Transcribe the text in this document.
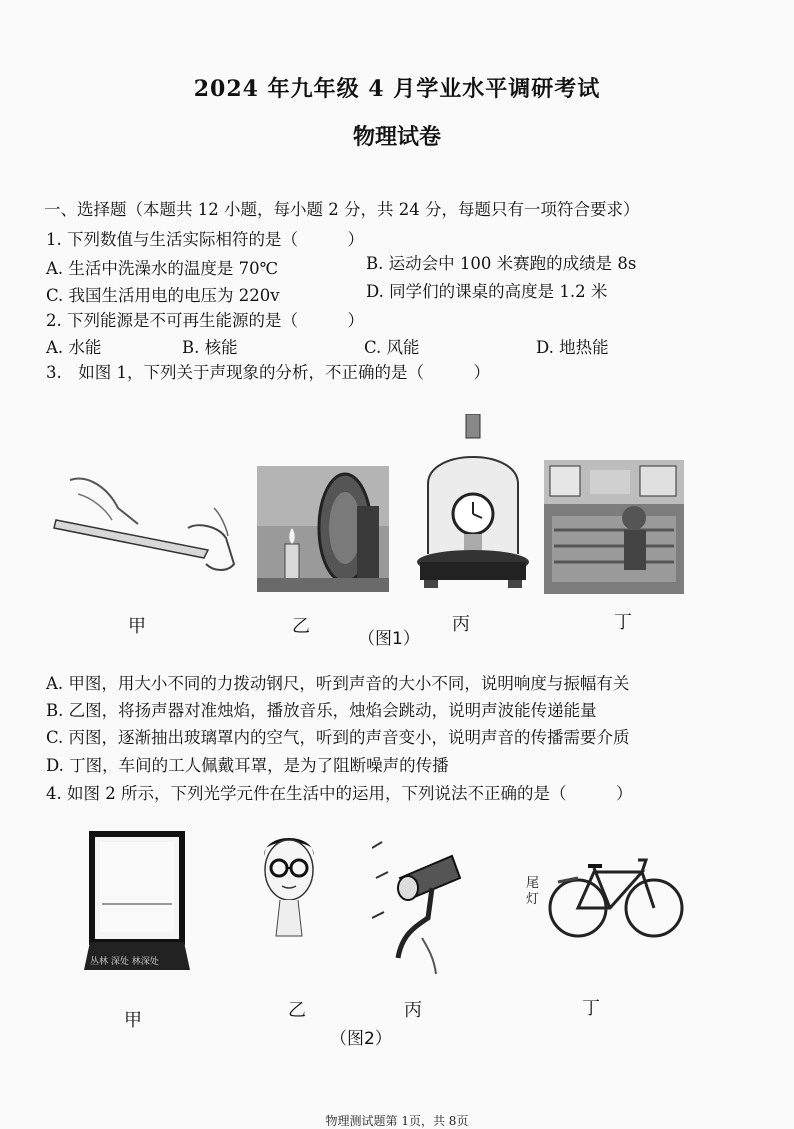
2024 年九年级 4 月学业水平调研考试
物理试卷
一、选择题（本题共 12 小题，每小题 2 分，共 24 分，每题只有一项符合要求）
1. 下列数值与生活实际相符的是（　　　）
A. 生活中洗澡水的温度是 70℃	B. 运动会中 100 米赛跑的成绩是 8s
C. 我国生活用电的电压为 220v	D. 同学们的课桌的高度是 1.2 米
2. 下列能源是不可再生能源的是（　　　）
A. 水能	B. 核能	C. 风能	D. 地热能
3.　如图 1，下列关于声现象的分析，不正确的是（　　　）
甲	乙	丙	丁
（图1）
A. 甲图，用大小不同的力拨动钢尺，听到声音的大小不同，说明响度与振幅有关
B. 乙图，将扬声器对准烛焰，播放音乐，烛焰会跳动，说明声波能传递能量
C. 丙图，逐渐抽出玻璃罩内的空气，听到的声音变小，说明声音的传播需要介质
D. 丁图，车间的工人佩戴耳罩，是为了阻断噪声的传播
4. 如图 2 所示，下列光学元件在生活中的运用，下列说法不正确的是（　　　）
丛林 深处 林深处
尾
灯
甲	乙	丙	丁
（图2）
物理测试题第 1页，共 8页
